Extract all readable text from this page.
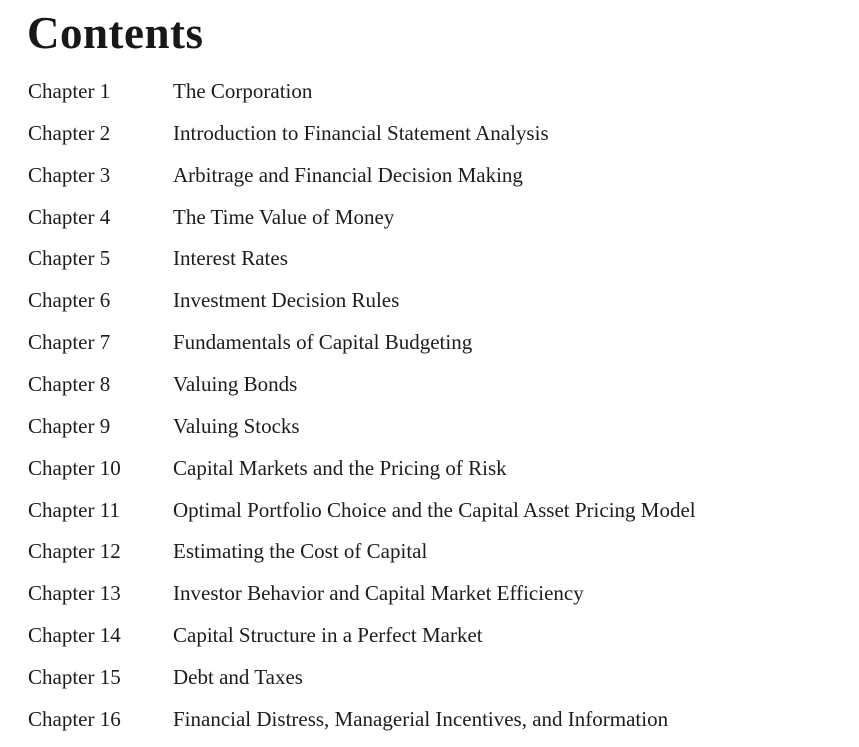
Contents
Chapter 1	The Corporation
Chapter 2	Introduction to Financial Statement Analysis
Chapter 3	Arbitrage and Financial Decision Making
Chapter 4	The Time Value of Money
Chapter 5	Interest Rates
Chapter 6	Investment Decision Rules
Chapter 7	Fundamentals of Capital Budgeting
Chapter 8	Valuing Bonds
Chapter 9	Valuing Stocks
Chapter 10	Capital Markets and the Pricing of Risk
Chapter 11	Optimal Portfolio Choice and the Capital Asset Pricing Model
Chapter 12	Estimating the Cost of Capital
Chapter 13	Investor Behavior and Capital Market Efficiency
Chapter 14	Capital Structure in a Perfect Market
Chapter 15	Debt and Taxes
Chapter 16	Financial Distress, Managerial Incentives, and Information
